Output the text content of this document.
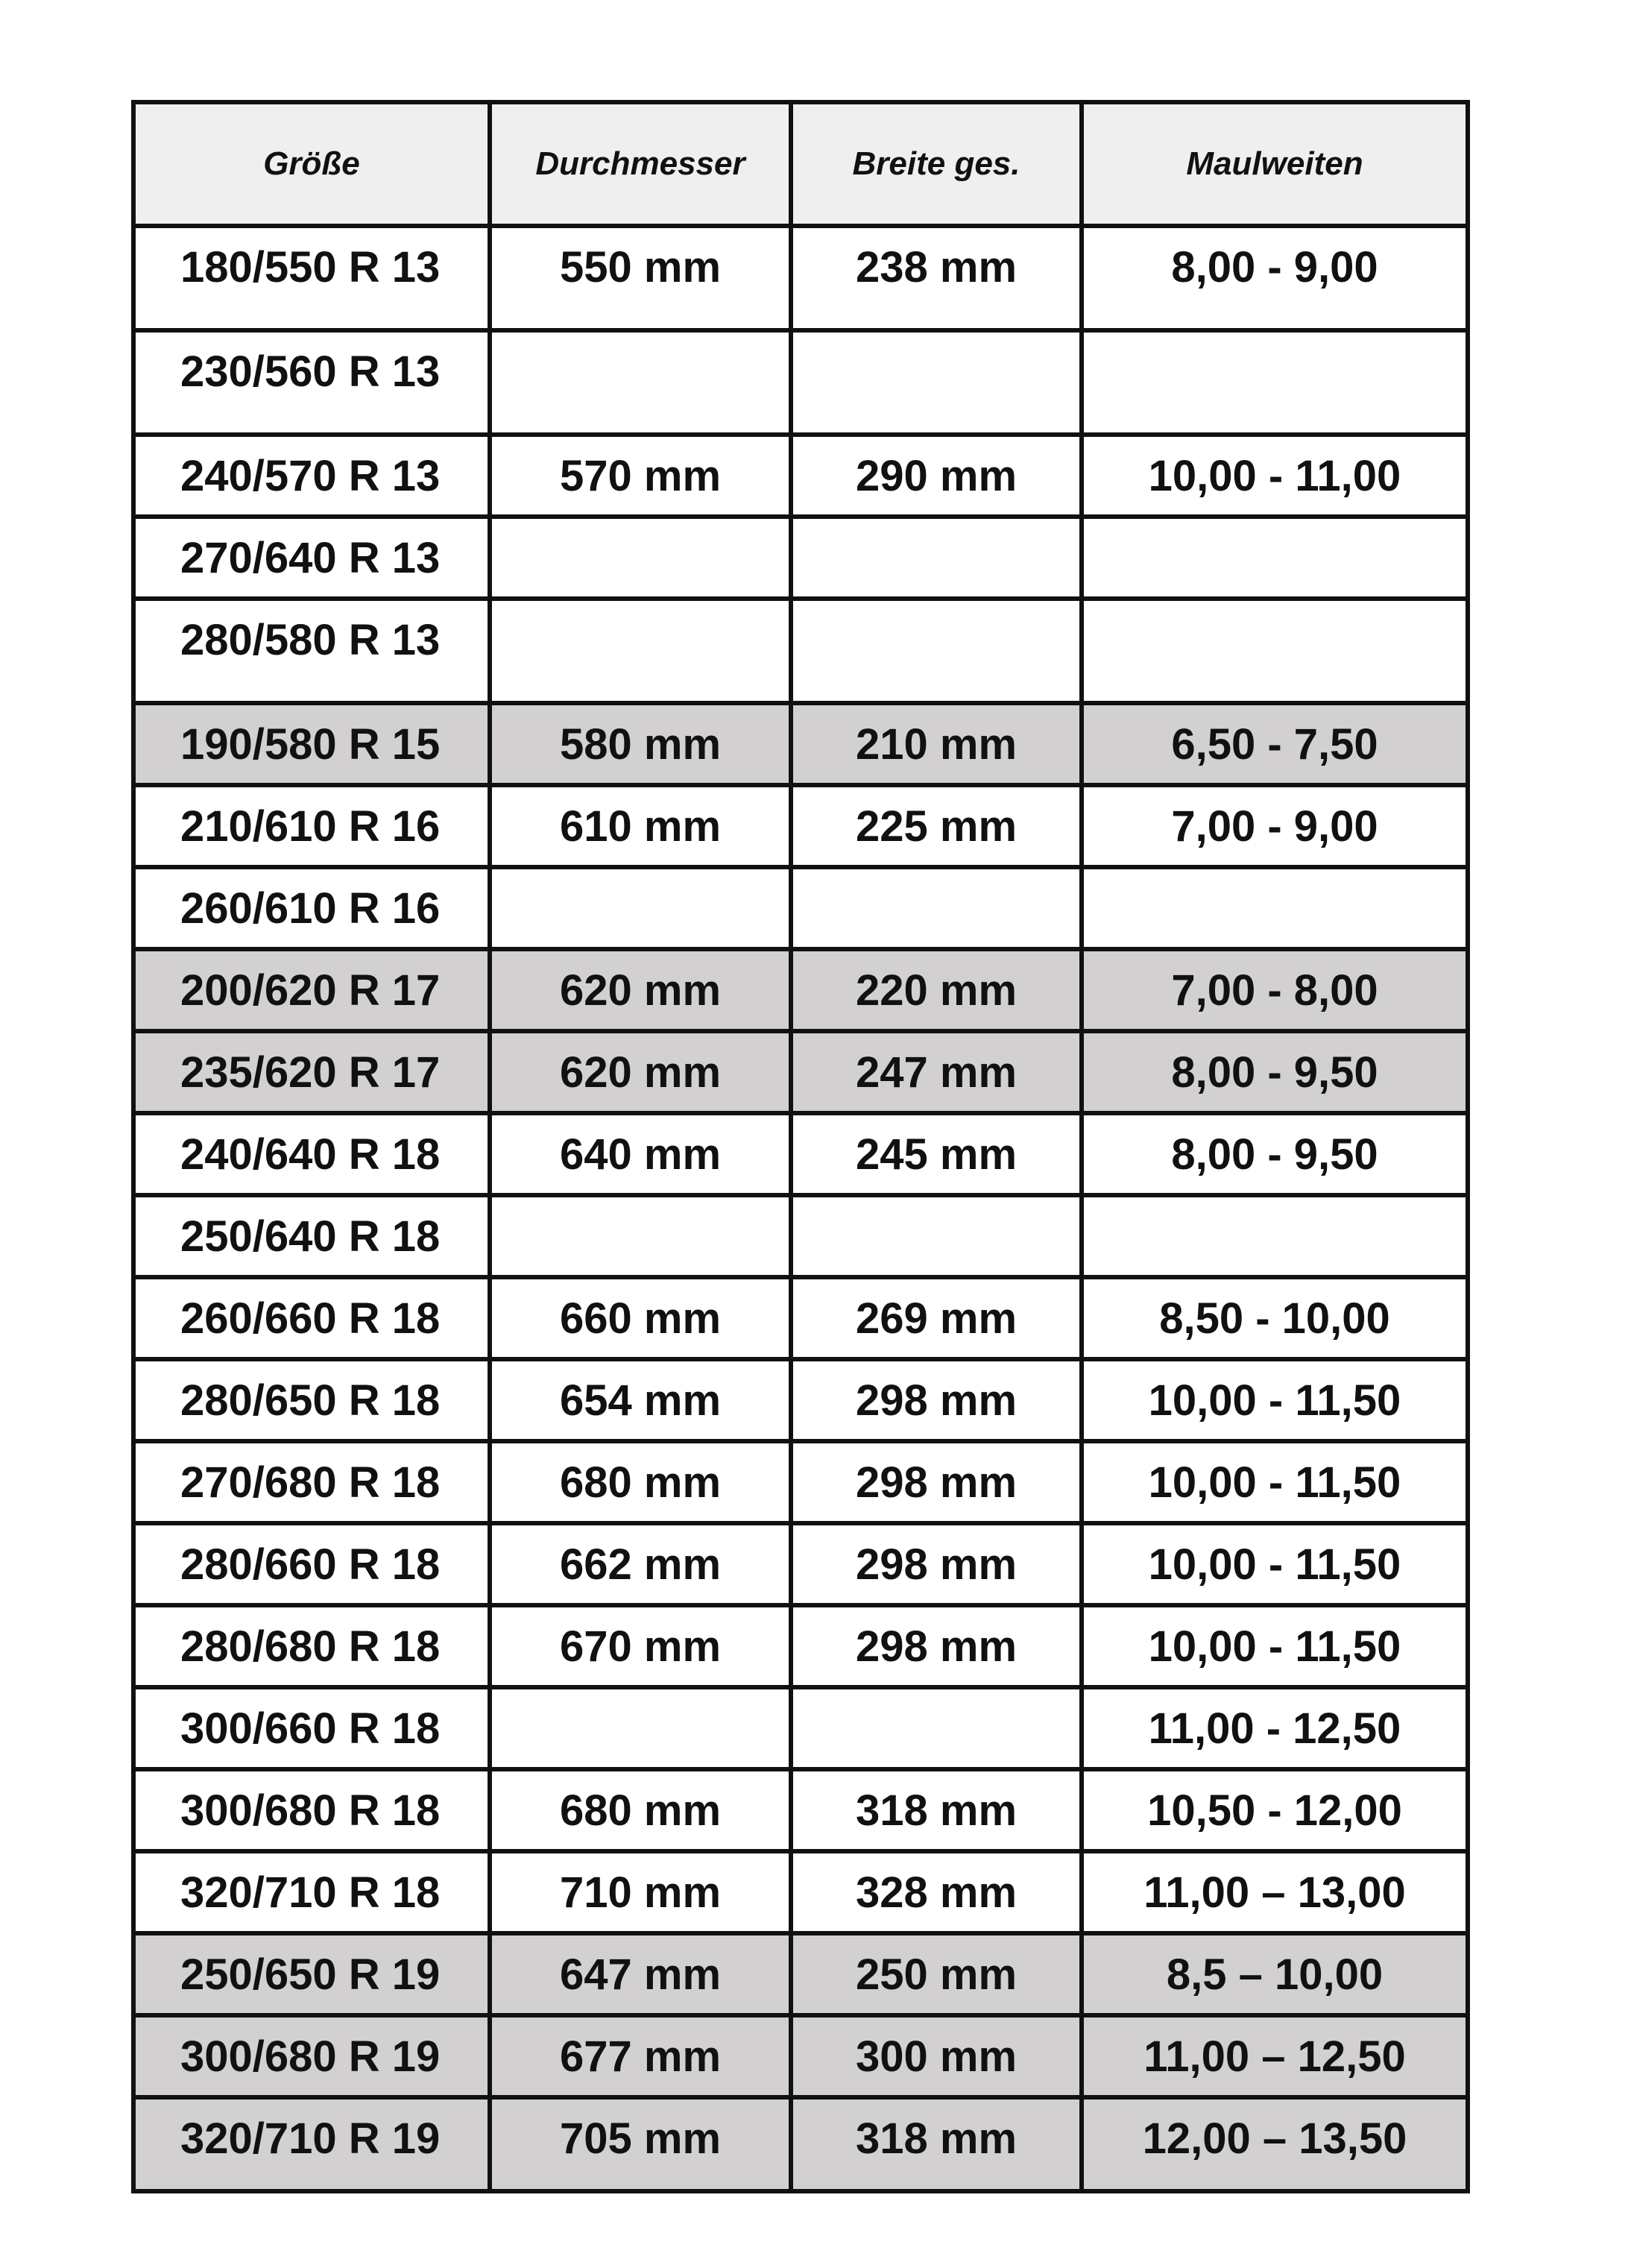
Größe	Durchmesser	Breite ges.	Maulweiten
180/550 R 13	550 mm	238 mm	8,00 - 9,00
230/560 R 13			
240/570 R 13	570 mm	290 mm	10,00 - 11,00
270/640 R 13			
280/580 R 13			
190/580 R 15	580 mm	210 mm	6,50 - 7,50
210/610 R 16	610 mm	225 mm	7,00 - 9,00
260/610 R 16			
200/620 R 17	620 mm	220 mm	7,00 - 8,00
235/620 R 17	620 mm	247 mm	8,00 - 9,50
240/640 R 18	640 mm	245 mm	8,00 - 9,50
250/640 R 18			
260/660 R 18	660 mm	269 mm	8,50 - 10,00
280/650 R 18	654 mm	298 mm	10,00 - 11,50
270/680 R 18	680 mm	298 mm	10,00 - 11,50
280/660 R 18	662 mm	298 mm	10,00 - 11,50
280/680 R 18	670 mm	298 mm	10,00 - 11,50
300/660 R 18			11,00 - 12,50
300/680 R 18	680 mm	318 mm	10,50 - 12,00
320/710 R 18	710 mm	328 mm	11,00 – 13,00
250/650 R 19	647 mm	250 mm	8,5 – 10,00
300/680 R 19	677 mm	300 mm	11,00 – 12,50
320/710 R 19	705 mm	318 mm	12,00 – 13,50
